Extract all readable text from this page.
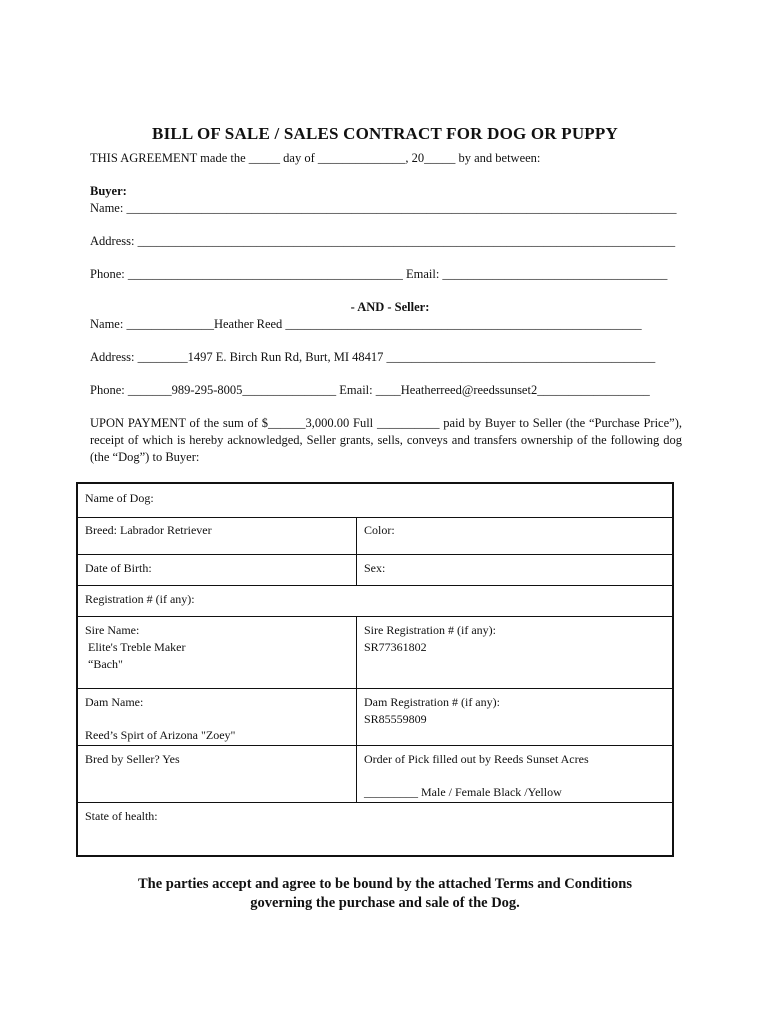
BILL OF SALE / SALES CONTRACT FOR DOG OR PUPPY
THIS AGREEMENT made the _____ day of ______________, 20_____ by and between:
Buyer:
Name: ________________________________________________________________________________________
Address: ______________________________________________________________________________________
Phone: ____________________________________________ Email: ____________________________________
- AND - Seller:
Name: ______________Heather Reed _________________________________________________________
Address: ________1497 E. Birch Run Rd, Burt, MI 48417 ___________________________________________
Phone: _______989-295-8005_______________ Email: ____Heatherreed@reedssunset2__________________
UPON PAYMENT of the sum of $______3,000.00 Full __________ paid by Buyer to Seller (the “Purchase Price”), receipt of which is hereby acknowledged, Seller grants, sells, conveys and transfers ownership of the following dog (the “Dog”) to Buyer:
Name of Dog:
Breed: Labrador Retriever	Color:
Date of Birth:	Sex:
Registration # (if any):
Sire Name:
Elite's Treble Maker
“Bach"
Sire Registration # (if any):
SR77361802
Dam Name:
Reed’s Spirt of Arizona "Zoey"
Dam Registration # (if any):
SR85559809
Bred by Seller? Yes	Order of Pick filled out by Reeds Sunset Acres
_________ Male / Female Black /Yellow
State of health:
The parties accept and agree to be bound by the attached Terms and Conditions
governing the purchase and sale of the Dog.
